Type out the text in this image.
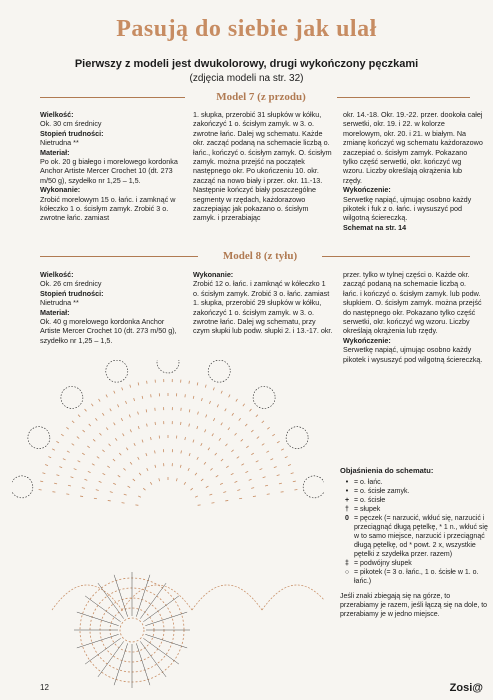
Pasują do siebie jak ulał
Pierwszy z modeli jest dwukolorowy, drugi wykończony pęczkami
(zdjęcia modeli na str. 32)
Model 7 (z przodu)

Wielkość:

Ok. 30 cm średnicy

Stopień trudności:

Nietrudna **

Materiał:

Po ok. 20 g białego i morelowego kordonka Anchor Artiste Mercer Crochet 10 (dt. 273 m/50 g), szydełko nr 1,25 – 1,5.

Wykonanie:

Zrobić morelowym 15 o. łańc. i zamknąć w kółeczko 1 o. ścisłym zamyk. Zrobić 3 o. zwrotne łańc. zamiast

1. słupka, przerobić 31 słupków w kółku, zakończyć 1 o. ścisłym zamyk. w 3. o. zwrotne łańc. Dalej wg schematu. Każde okr. zacząć podaną na schemacie liczbą o. łańc., kończyć o. ścisłym zamyk. O. ścisłym zamyk. można przejść na początek następnego okr. Po ukończeniu 10. okr. zacząć na nowo biały i przer. okr. 11.-13. Następnie kończyć biały poszczególne segmenty w rzędach, każdorazowo zaczepiając jak pokazano o. ścisłym zamyk. i przerabiając

okr. 14.-18. Okr. 19.-22. przer. dookoła całej serwetki, okr. 19. i 22. w kolorze morelowym, okr. 20. i 21. w białym. Na zmianę kończyć wg schematu każdorazowo zaczepiać o. ścisłym zamyk. Pokazano tylko część serwetki, okr. kończyć wg wzoru. Liczby określają okrążenia lub rzędy.

Wykończenie:

Serwetkę napiąć, ujmując osobno każdy pikotek i fuk z o. łańc. i wysuszyć pod wilgotną ściereczką.

Schemat na str. 14

Model 8 (z tyłu)

Wielkość:

Ok. 26 cm średnicy

Stopień trudności:

Nietrudna **

Materiał:

Ok. 40 g morelowego kordonka Anchor Artiste Mercer Crochet 10 (dt. 273 m/50 g), szydełko nr 1,25 – 1,5.

Wykonanie:

Zrobić 12 o. łańc. i zamknąć w kółeczko 1 o. ścisłym zamyk. Zrobić 3 o. łańc. zamiast 1. słupka, przerobić 29 słupków w kółku, zakończyć 1 o. ścisłym zamyk. w 3. o. zwrotne łańc. Dalej wg schematu, przy czym słupki lub podw. słupki 2. i 13.-17. okr.

przer. tylko w tylnej części o. Każde okr. zacząć podaną na schemacie liczbą o. łańc. i kończyć o. ścisłym zamyk. lub podw. słupkiem. O. ścisłym zamyk. można przejść do następnego okr. Pokazano tylko część serwetki, okr. kończyć wg wzoru. Liczby określają okrążenia lub rzędy.

Wykończenie:

Serwetkę napiąć, ujmując osobno każdy pikotek i wysuszyć pod wilgotną ściereczką.

Objaśnienia do schematu:
• = o. łańc.
• = o. ścisłe zamyk.
+ = o. ścisłe
† = słupek
0 = pęczek (= narzucić, wkłuć się, narzucić i przeciągnąć długą pętelkę, * 1 n., wkłuć się w to samo miejsce, narzucić i przeciągnąć długą pętelkę, od * powt. 2 x, wszystkie pętelki z szydełka przer. razem)
‡ = podwójny słupek
○ = pikotek (= 3 o. łańc., 1 o. ścisłe w 1. o. łańc.)
Jeśli znaki zbiegają się na górze, to przerabiamy je razem, jeśli łączą się na dole, to przerabiamy je w jedno miejsce.
12	Zosi@
